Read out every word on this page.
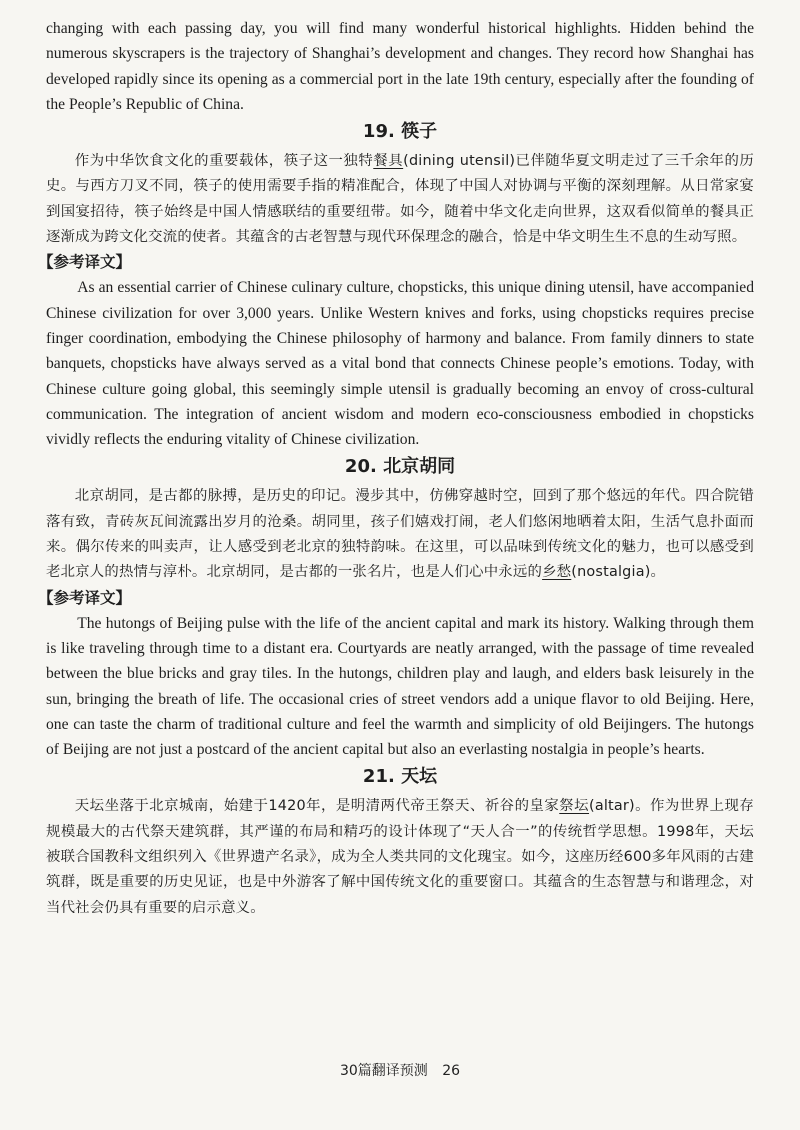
changing with each passing day, you will find many wonderful historical highlights. Hidden behind the numerous skyscrapers is the trajectory of Shanghai’s development and changes. They record how Shanghai has developed rapidly since its opening as a commercial port in the late 19th century, especially after the founding of the People’s Republic of China.

19. 筷子

作为中华饮食文化的重要载体，筷子这一独特餐具(dining utensil)已伴随华夏文明走过了三千余年的历史。与西方刀叉不同，筷子的使用需要手指的精准配合，体现了中国人对协调与平衡的深刻理解。从日常家宴到国宴招待，筷子始终是中国人情感联结的重要纽带。如今，随着中华文化走向世界，这双看似简单的餐具正逐渐成为跨文化交流的使者。其蕴含的古老智慧与现代环保理念的融合，恰是中华文明生生不息的生动写照。

【参考译文】

As an essential carrier of Chinese culinary culture, chopsticks, this unique dining utensil, have accompanied Chinese civilization for over 3,000 years. Unlike Western knives and forks, using chopsticks requires precise finger coordination, embodying the Chinese philosophy of harmony and balance. From family dinners to state banquets, chopsticks have always served as a vital bond that connects Chinese people’s emotions. Today, with Chinese culture going global, this seemingly simple utensil is gradually becoming an envoy of cross-cultural communication. The integration of ancient wisdom and modern eco-consciousness embodied in chopsticks vividly reflects the enduring vitality of Chinese civilization.

20. 北京胡同

北京胡同，是古都的脉搏，是历史的印记。漫步其中，仿佛穿越时空，回到了那个悠远的年代。四合院错落有致，青砖灰瓦间流露出岁月的沧桑。胡同里，孩子们嬉戏打闹，老人们悠闲地晒着太阳，生活气息扑面而来。偶尔传来的叫卖声，让人感受到老北京的独特韵味。在这里，可以品味到传统文化的魅力，也可以感受到老北京人的热情与淳朴。北京胡同，是古都的一张名片，也是人们心中永远的乡愁(nostalgia)。

【参考译文】

The hutongs of Beijing pulse with the life of the ancient capital and mark its history. Walking through them is like traveling through time to a distant era. Courtyards are neatly arranged, with the passage of time revealed between the blue bricks and gray tiles. In the hutongs, children play and laugh, and elders bask leisurely in the sun, bringing the breath of life. The occasional cries of street vendors add a unique flavor to old Beijing. Here, one can taste the charm of traditional culture and feel the warmth and simplicity of old Beijingers. The hutongs of Beijing are not just a postcard of the ancient capital but also an everlasting nostalgia in people’s hearts.

21. 天坛

天坛坐落于北京城南，始建于1420年，是明清两代帝王祭天、祈谷的皇家祭坛(altar)。作为世界上现存规模最大的古代祭天建筑群，其严谨的布局和精巧的设计体现了“天人合一”的传统哲学思想。1998年，天坛被联合国教科文组织列入《世界遗产名录》，成为全人类共同的文化瑰宝。如今，这座历经600多年风雨的古建筑群，既是重要的历史见证，也是中外游客了解中国传统文化的重要窗口。其蕴含的生态智慧与和谐理念，对当代社会仍具有重要的启示意义。

30篇翻译预测 26
